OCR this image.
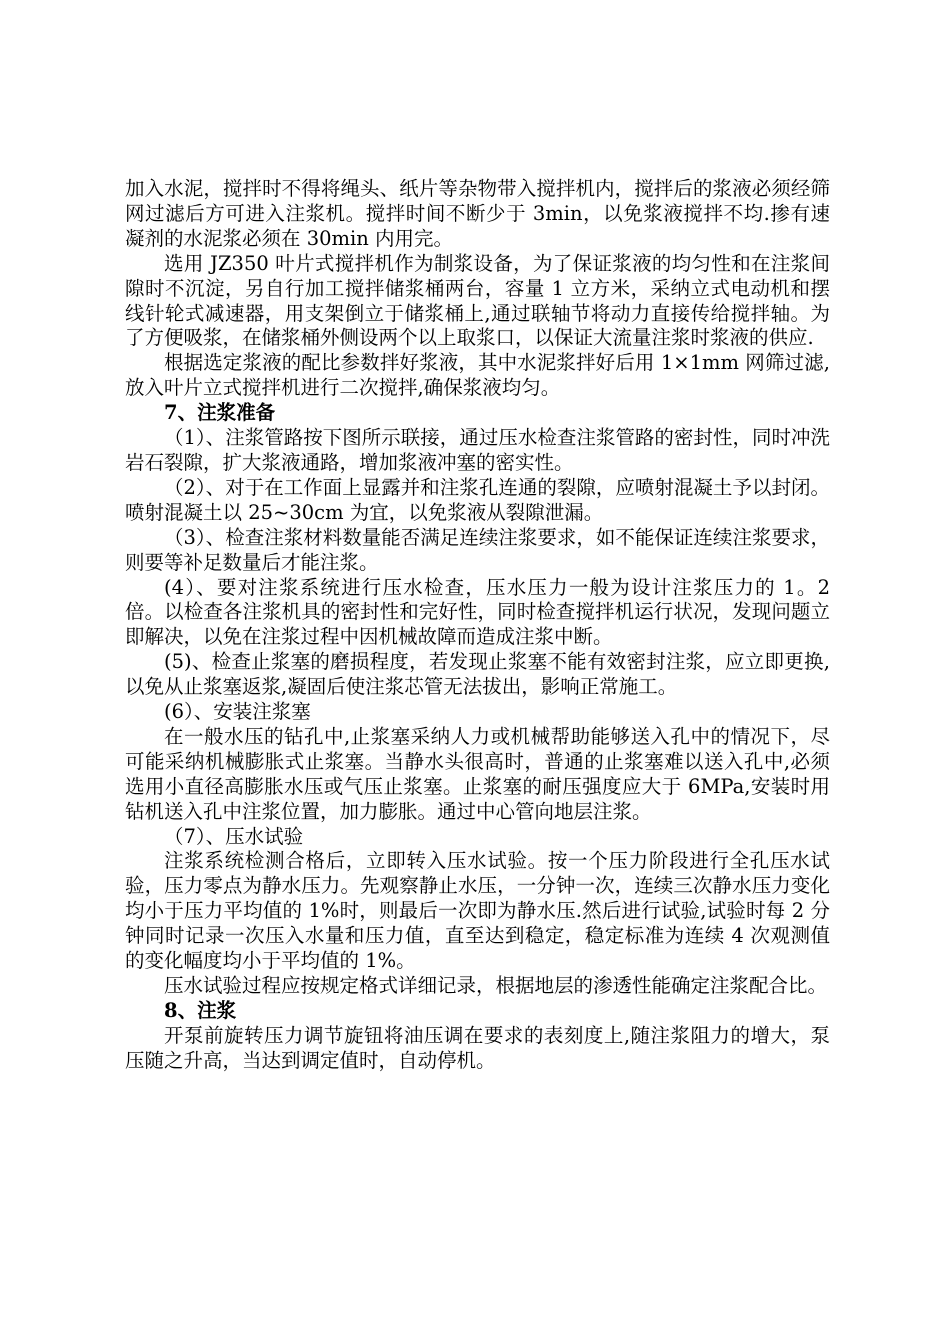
加入水泥，搅拌时不得将绳头、纸片等杂物带入搅拌机内，搅拌后的浆液必须经筛网过滤后方可进入注浆机。搅拌时间不断少于 3min，以免浆液搅拌不均.掺有速凝剂的水泥浆必须在 30min 内用完。

选用 JZ350 叶片式搅拌机作为制浆设备，为了保证浆液的均匀性和在注浆间隙时不沉淀，另自行加工搅拌储浆桶两台，容量 1 立方米，采纳立式电动机和摆线针轮式减速器，用支架倒立于储浆桶上,通过联轴节将动力直接传给搅拌轴。为了方便吸浆，在储浆桶外侧设两个以上取浆口，以保证大流量注浆时浆液的供应.

根据选定浆液的配比参数拌好浆液，其中水泥浆拌好后用 1×1mm 网筛过滤,放入叶片立式搅拌机进行二次搅拌,确保浆液均匀。

7、注浆准备

（1）、注浆管路按下图所示联接，通过压水检查注浆管路的密封性，同时冲洗岩石裂隙，扩大浆液通路，增加浆液冲塞的密实性。

（2）、对于在工作面上显露并和注浆孔连通的裂隙，应喷射混凝土予以封闭。喷射混凝土以 25~30cm 为宜，以免浆液从裂隙泄漏。

（3）、检查注浆材料数量能否满足连续注浆要求，如不能保证连续注浆要求，则要等补足数量后才能注浆。

(4）、要对注浆系统进行压水检查，压水压力一般为设计注浆压力的 1。2 倍。以检查各注浆机具的密封性和完好性，同时检查搅拌机运行状况，发现问题立即解决，以免在注浆过程中因机械故障而造成注浆中断。

(5)、检查止浆塞的磨损程度，若发现止浆塞不能有效密封注浆，应立即更换,以免从止浆塞返浆,凝固后使注浆芯管无法拔出，影响正常施工。

(6）、安装注浆塞

在一般水压的钻孔中,止浆塞采纳人力或机械帮助能够送入孔中的情况下，尽可能采纳机械膨胀式止浆塞。当静水头很高时，普通的止浆塞难以送入孔中,必须选用小直径高膨胀水压或气压止浆塞。止浆塞的耐压强度应大于 6MPa,安装时用钻机送入孔中注浆位置，加力膨胀。通过中心管向地层注浆。

（7）、压水试验

注浆系统检测合格后，立即转入压水试验。按一个压力阶段进行全孔压水试验，压力零点为静水压力。先观察静止水压，一分钟一次，连续三次静水压力变化均小于压力平均值的 1%时，则最后一次即为静水压.然后进行试验,试验时每 2 分钟同时记录一次压入水量和压力值，直至达到稳定，稳定标准为连续 4 次观测值的变化幅度均小于平均值的 1%。

压水试验过程应按规定格式详细记录，根据地层的渗透性能确定注浆配合比。

8、注浆

开泵前旋转压力调节旋钮将油压调在要求的表刻度上,随注浆阻力的增大，泵压随之升高，当达到调定值时，自动停机。
